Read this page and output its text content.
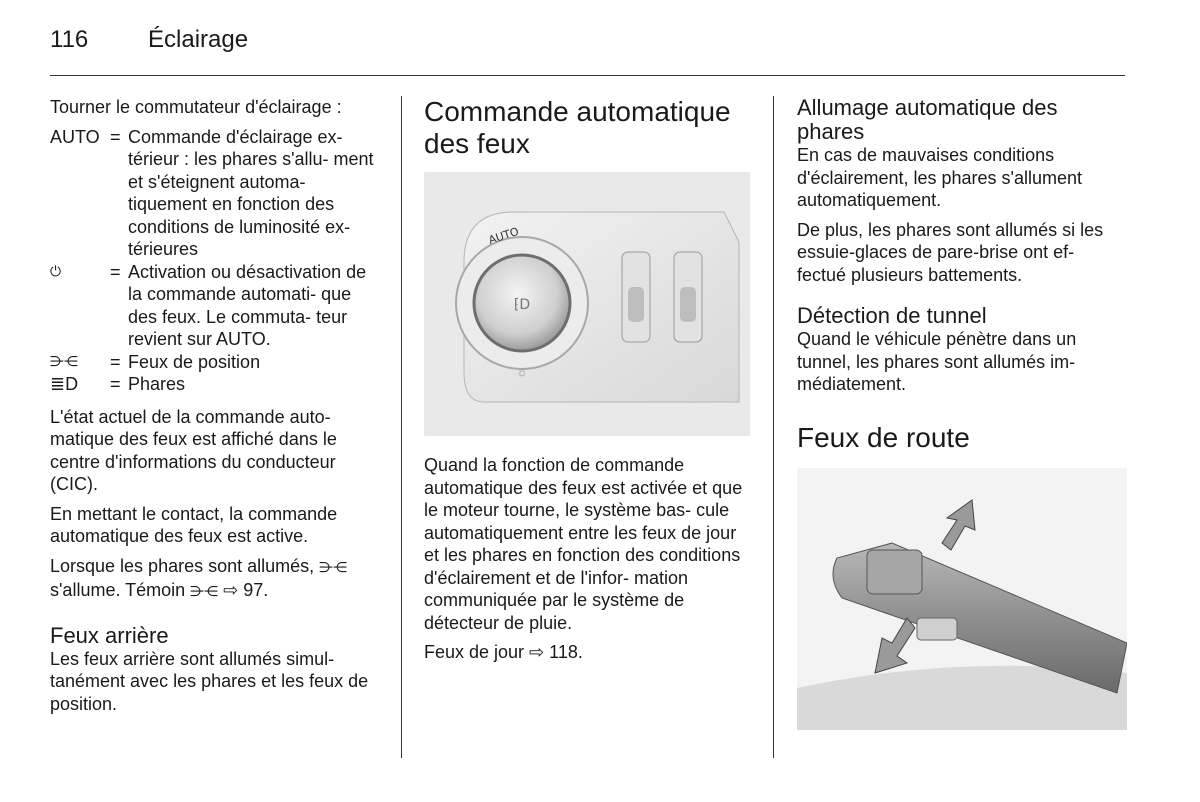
116 Éclairage

Tourner le commutateur d'éclairage :

AUTO = Commande d'éclairage ex- térieur : les phares s'allu- ment et s'éteignent automa- tiquement en fonction des conditions de luminosité ex- térieures
⏻	= Activation ou désactivation de la commande automati- que des feux. Le commuta- teur revient sur AUTO.
⋺⋲	= Feux de position
≣D	= Phares

L'état actuel de la commande auto- matique des feux est affiché dans le centre d'informations du conducteur (CIC).

En mettant le contact, la commande automatique des feux est active.

Lorsque les phares sont allumés, ⋺⋲ s'allume. Témoin ⋺⋲ ⇨ 97.

Feux arrière

Les feux arrière sont allumés simul- tanément avec les phares et les feux de position.

Commande automatique des feux
AUTO
⁅D
☼

Quand la fonction de commande automatique des feux est activée et que le moteur tourne, le système bas- cule automatiquement entre les feux de jour et les phares en fonction des conditions d'éclairement et de l'infor- mation communiquée par le système de détecteur de pluie.

Feux de jour ⇨ 118.

Allumage automatique des phares

En cas de mauvaises conditions d'éclairement, les phares s'allument automatiquement.

De plus, les phares sont allumés si les essuie-glaces de pare-brise ont ef- fectué plusieurs battements.

Détection de tunnel

Quand le véhicule pénètre dans un tunnel, les phares sont allumés im- médiatement.

Feux de route
